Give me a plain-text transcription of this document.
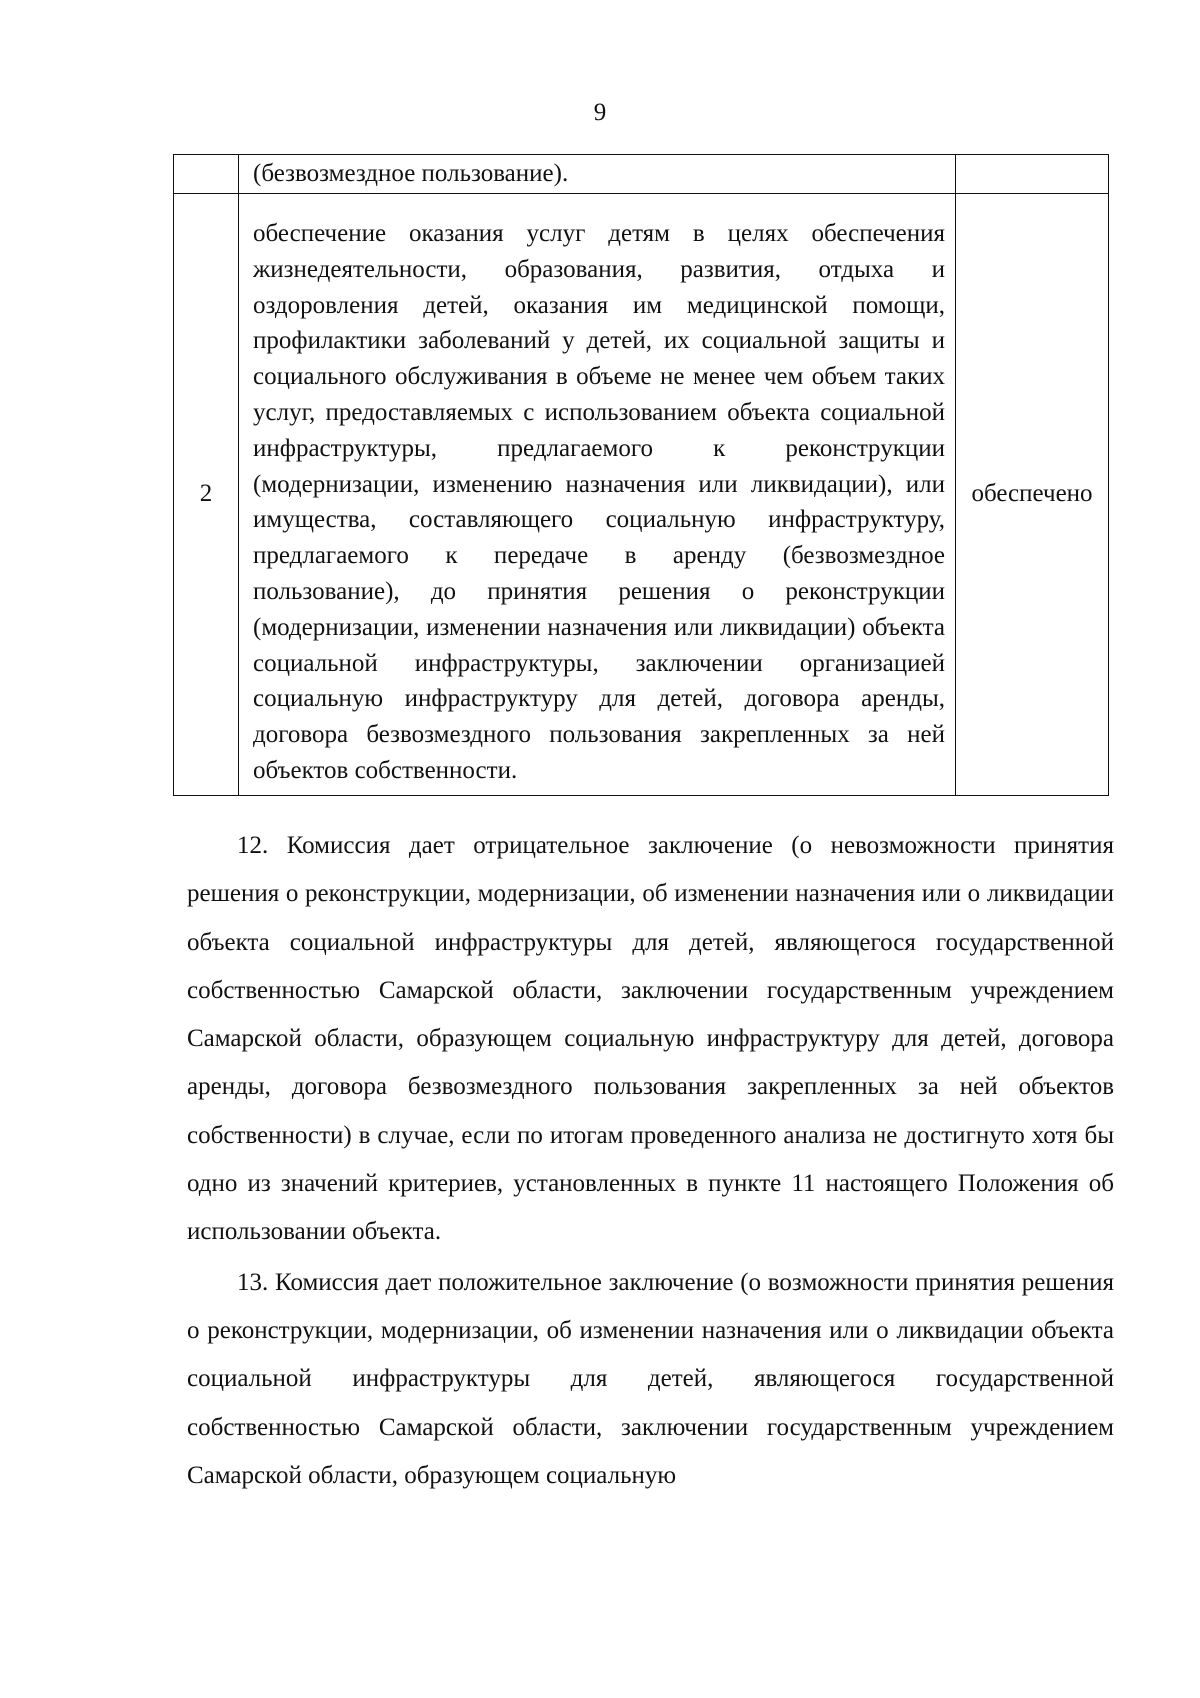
9
	(безвозмездное пользование).	
2	обеспечение оказания услуг детям в целях обеспечения жизнедеятельности, образования, развития, отдыха и оздоровления детей, оказания им медицинской помощи, профилактики заболеваний у детей, их социальной защиты и социального обслуживания в объеме не менее чем объем таких услуг, предоставляемых с использованием объекта социальной инфраструктуры, предлагаемого к реконструкции (модернизации, изменению назначения или ликвидации), или имущества, составляющего социальную инфраструктуру, предлагаемого к передаче в аренду (безвозмездное пользование), до принятия решения о реконструкции (модернизации, изменении назначения или ликвидации) объекта социальной инфраструктуры, заключении организацией социальную инфраструктуру для детей, договора аренды, договора безвозмездного пользования закрепленных за ней объектов собственности.	обеспечено

12. Комиссия дает отрицательное заключение (о невозможности принятия решения о реконструкции, модернизации, об изменении назначения или о ликвидации объекта социальной инфраструктуры для детей, являющегося государственной собственностью Самарской области, заключении государственным учреждением Самарской области, образующем социальную инфраструктуру для детей, договора аренды, договора безвозмездного пользования закрепленных за ней объектов собственности) в случае, если по итогам проведенного анализа не достигнуто хотя бы одно из значений критериев, установленных в пункте 11 настоящего Положения об использовании объекта.

13. Комиссия дает положительное заключение (о возможности принятия решения о реконструкции, модернизации, об изменении назначения или о ликвидации объекта социальной инфраструктуры для детей, являющегося государственной собственностью Самарской области, заключении государственным учреждением Самарской области, образующем социальную
